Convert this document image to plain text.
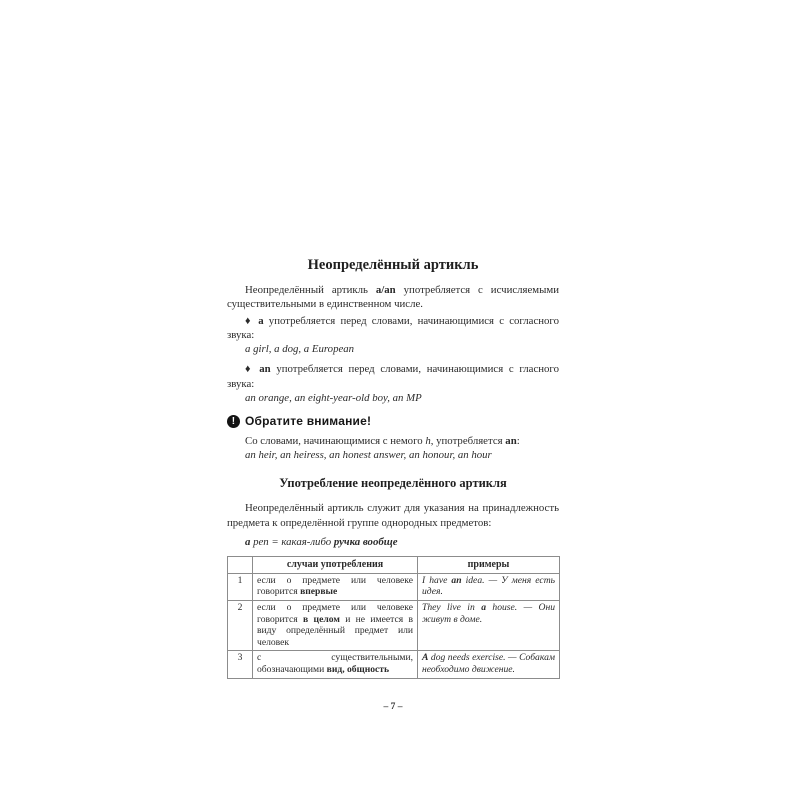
Неопределённый артикль

Неопределённый артикль a/an употребляется с исчисляемыми существительными в единственном числе.

♦ a употребляется перед словами, начинающимися с согласного звука:

a girl, a dog, a European

♦ an употребляется перед словами, начинающимися с гласного звука:

an orange, an eight-year-old boy, an MP

! Обратите внимание!

Со словами, начинающимися с немого h, употребляется an:

an heir, an heiress, an honest answer, an honour, an hour

Употребление неопределённого артикля

Неопределённый артикль служит для указания на принадлежность предмета к определённой группе однородных предметов:

a pen = какая-либо ручка вообще

	случаи употребления	примеры
1	если о предмете или человеке говорится впервые	I have an idea. — У меня есть идея.
2	если о предмете или человеке говорится в целом и не имеется в виду определённый предмет или человек	They live in a house. — Они живут в доме.
3	с существительными, обозначающими вид, общность	A dog needs exercise. — Собакам необходимо движение.
– 7 –
